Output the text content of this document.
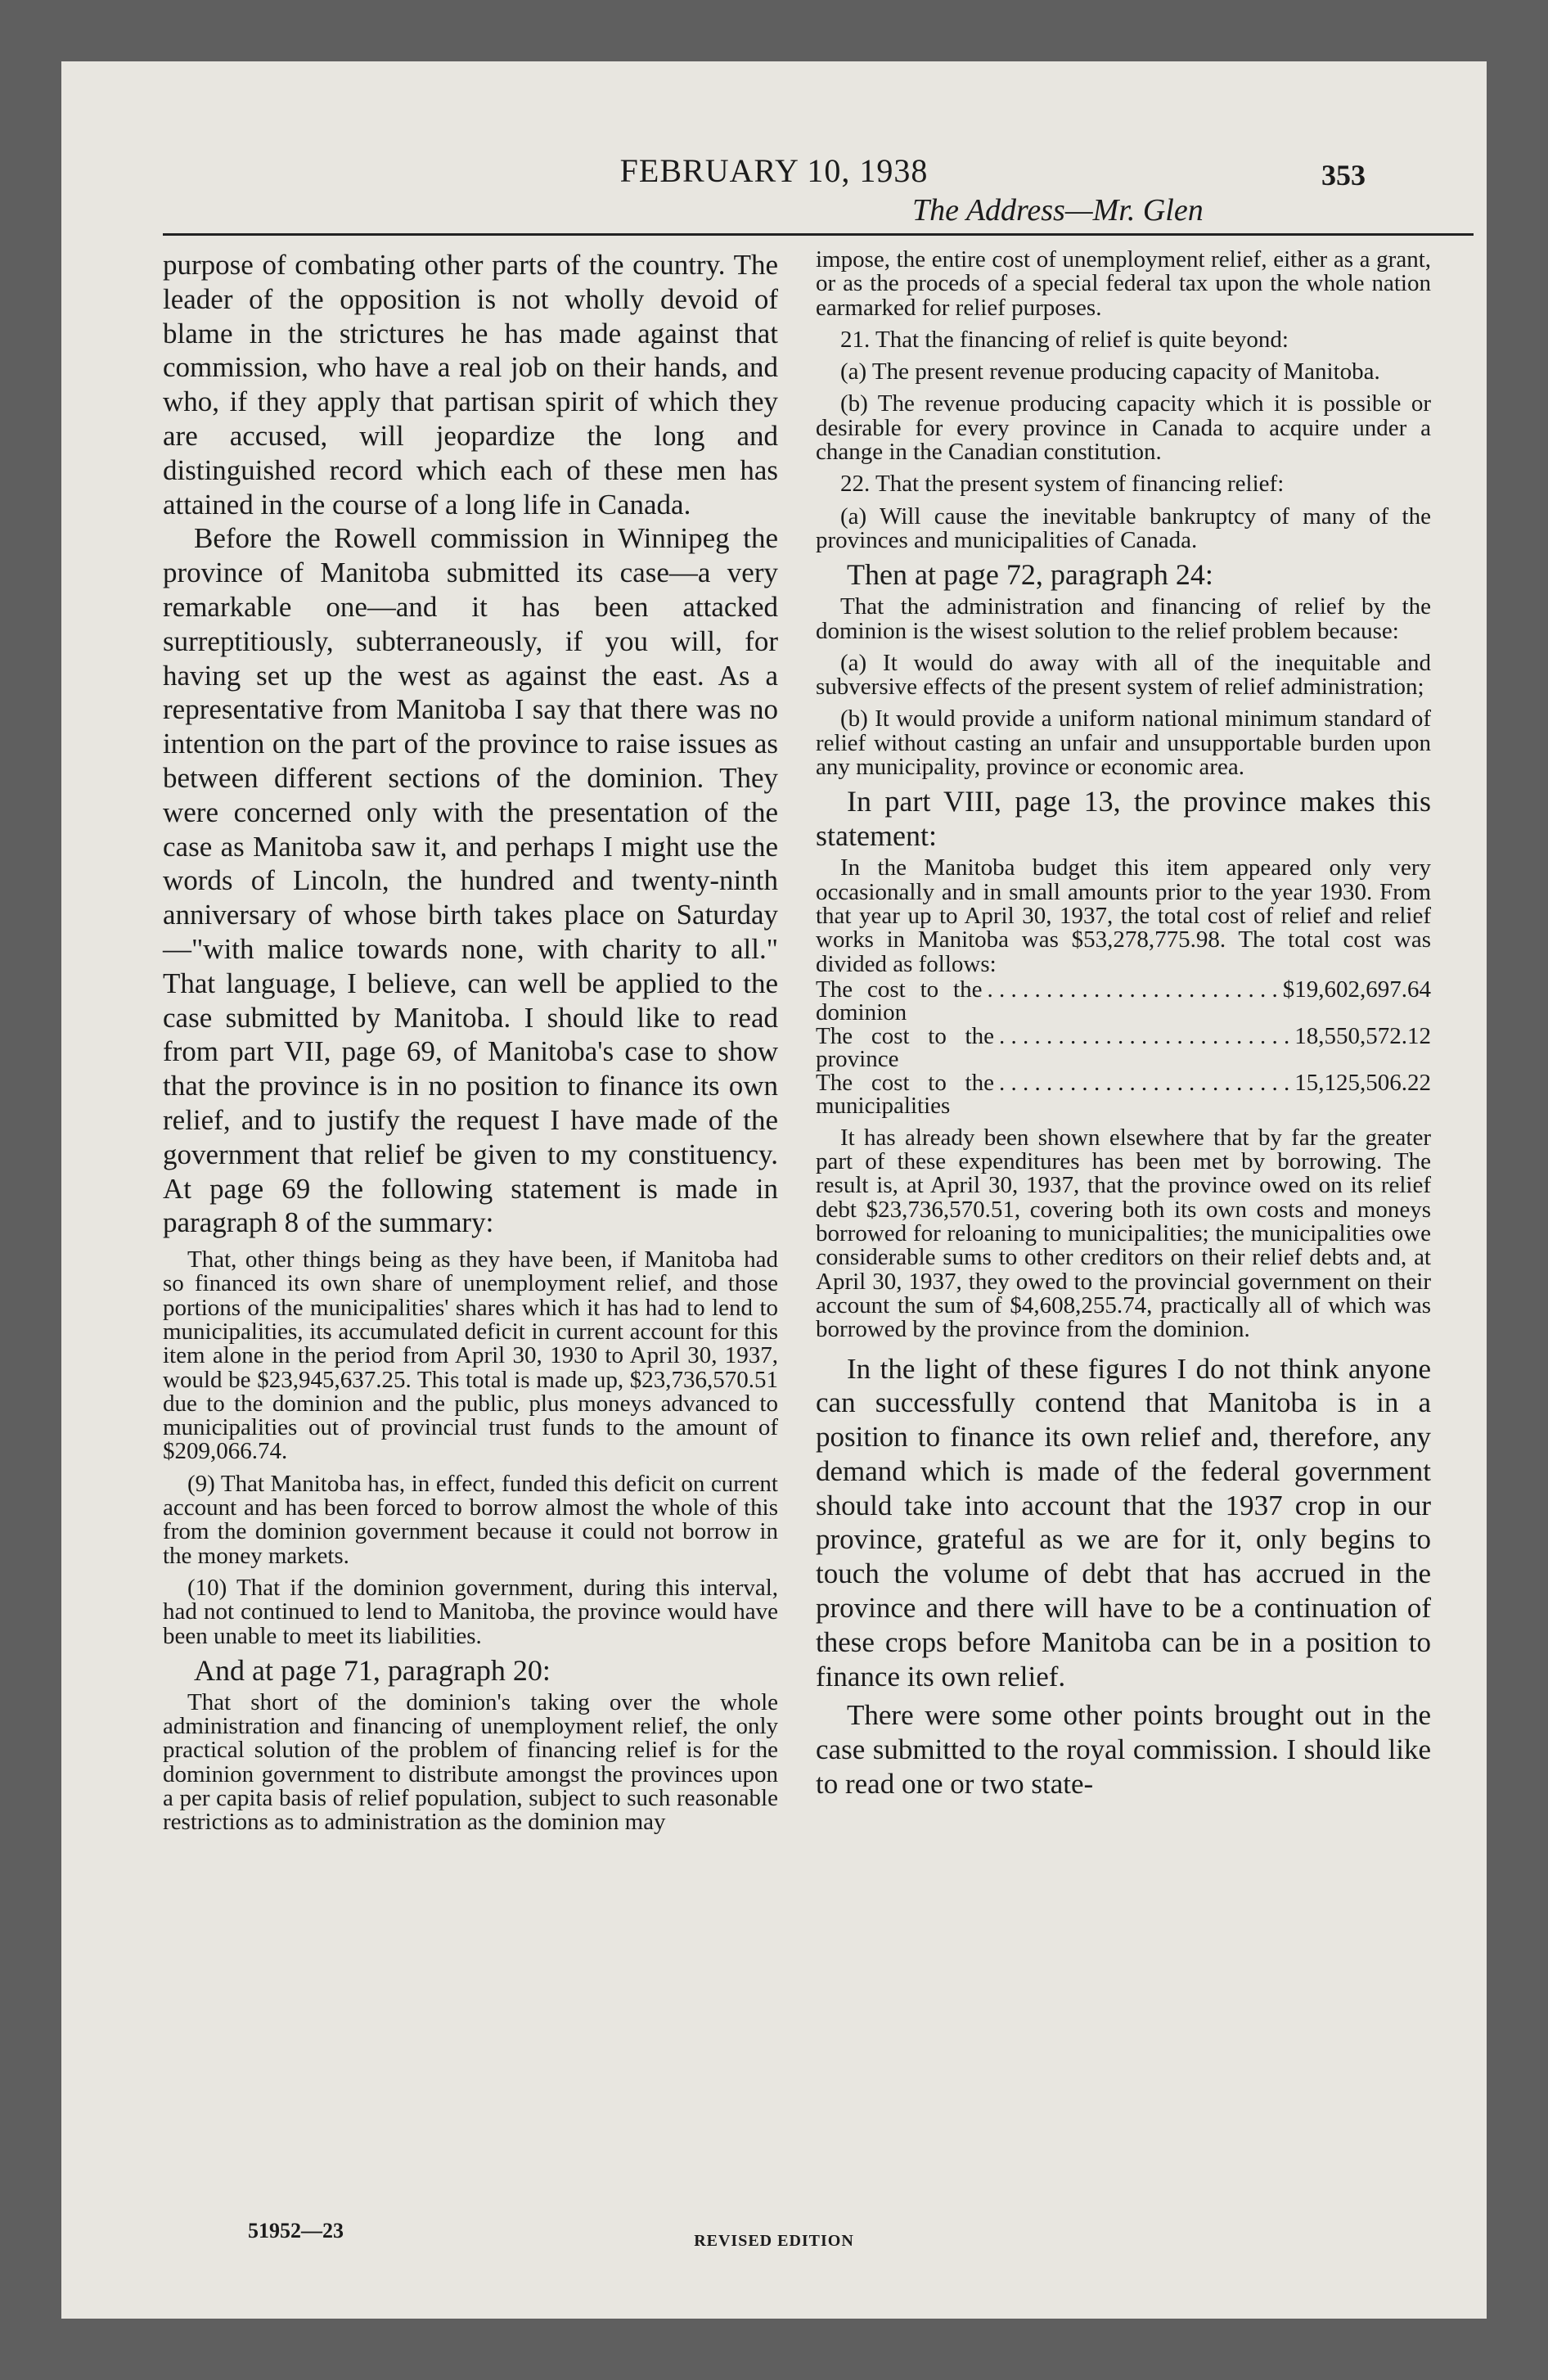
FEBRUARY 10, 1938	353
The Address—Mr. Glen

purpose of combating other parts of the country. The leader of the opposition is not wholly devoid of blame in the strictures he has made against that commission, who have a real job on their hands, and who, if they apply that partisan spirit of which they are accused, will jeopardize the long and distinguished record which each of these men has attained in the course of a long life in Canada.

Before the Rowell commission in Winnipeg the province of Manitoba submitted its case—a very remarkable one—and it has been attacked surreptitiously, subterraneously, if you will, for having set up the west as against the east. As a representative from Manitoba I say that there was no intention on the part of the province to raise issues as between different sections of the dominion. They were concerned only with the presentation of the case as Manitoba saw it, and perhaps I might use the words of Lincoln, the hundred and twenty-ninth anniversary of whose birth takes place on Saturday—"with malice towards none, with charity to all." That language, I believe, can well be applied to the case submitted by Manitoba. I should like to read from part VII, page 69, of Manitoba's case to show that the province is in no position to finance its own relief, and to justify the request I have made of the government that relief be given to my constituency. At page 69 the following statement is made in paragraph 8 of the summary:

That, other things being as they have been, if Manitoba had so financed its own share of unemployment relief, and those portions of the municipalities' shares which it has had to lend to municipalities, its accumulated deficit in current account for this item alone in the period from April 30, 1930 to April 30, 1937, would be $23,945,637.25. This total is made up, $23,736,570.51 due to the dominion and the public, plus moneys advanced to municipalities out of provincial trust funds to the amount of $209,066.74.

(9) That Manitoba has, in effect, funded this deficit on current account and has been forced to borrow almost the whole of this from the dominion government because it could not borrow in the money markets.

(10) That if the dominion government, during this interval, had not continued to lend to Manitoba, the province would have been unable to meet its liabilities.

And at page 71, paragraph 20:

That short of the dominion's taking over the whole administration and financing of unemployment relief, the only practical solution of the problem of financing relief is for the dominion government to distribute amongst the provinces upon a per capita basis of relief population, subject to such reasonable restrictions as to administration as the dominion may

impose, the entire cost of unemployment relief, either as a grant, or as the proceds of a special federal tax upon the whole nation earmarked for relief purposes.

21. That the financing of relief is quite beyond:

(a) The present revenue producing capacity of Manitoba.

(b) The revenue producing capacity which it is possible or desirable for every province in Canada to acquire under a change in the Canadian constitution.

22. That the present system of financing relief:

(a) Will cause the inevitable bankruptcy of many of the provinces and municipalities of Canada.

Then at page 72, paragraph 24:

That the administration and financing of relief by the dominion is the wisest solution to the relief problem because:

(a) It would do away with all of the inequitable and subversive effects of the present system of relief administration;

(b) It would provide a uniform national minimum standard of relief without casting an unfair and unsupportable burden upon any municipality, province or economic area.

In part VIII, page 13, the province makes this statement:

In the Manitoba budget this item appeared only very occasionally and in small amounts prior to the year 1930. From that year up to April 30, 1937, the total cost of relief and relief works in Manitoba was $53,278,775.98. The total cost was divided as follows:

The cost to the dominion
. . . . . . . . . . . . . . . . . . . . . . . . . $19,602,697.64
The cost to the province
. . . . . . . . . . . . . . . . . . . . . . . . . 18,550,572.12
The cost to the municipalities
. . . . . . . . . . . . . . . . . . . . . . . . . 15,125,506.22

It has already been shown elsewhere that by far the greater part of these expenditures has been met by borrowing. The result is, at April 30, 1937, that the province owed on its relief debt $23,736,570.51, covering both its own costs and moneys borrowed for reloaning to municipalities; the municipalities owe considerable sums to other creditors on their relief debts and, at April 30, 1937, they owed to the provincial government on their account the sum of $4,608,255.74, practically all of which was borrowed by the province from the dominion.

In the light of these figures I do not think anyone can successfully contend that Manitoba is in a position to finance its own relief and, therefore, any demand which is made of the federal government should take into account that the 1937 crop in our province, grateful as we are for it, only begins to touch the volume of debt that has accrued in the province and there will have to be a continuation of these crops before Manitoba can be in a position to finance its own relief.

There were some other points brought out in the case submitted to the royal commission. I should like to read one or two state-

51952—23	REVISED EDITION
